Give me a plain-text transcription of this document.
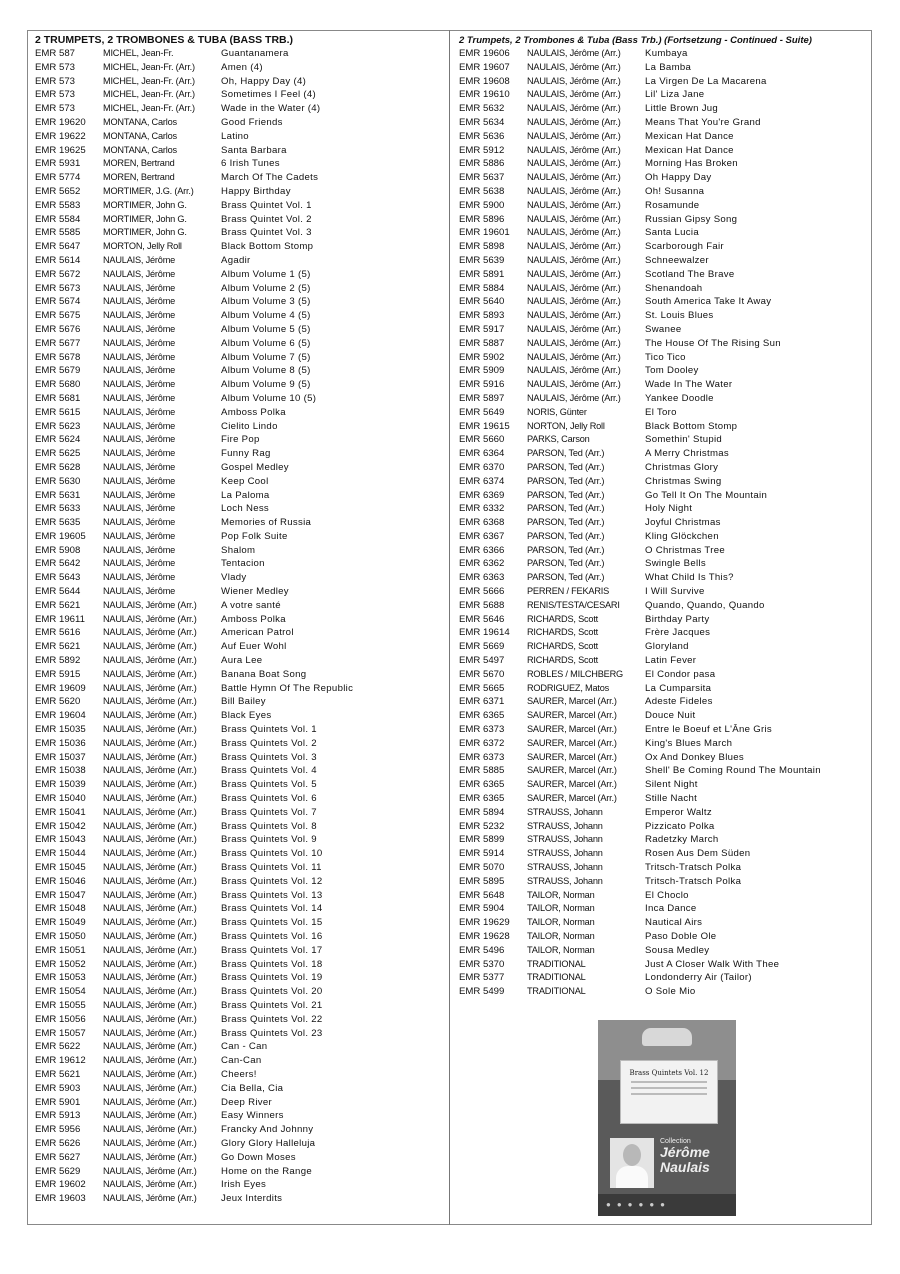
2 TRUMPETS, 2 TROMBONES & TUBA (BASS TRB.)
EMR 587	MICHEL, Jean-Fr.	Guantanamera
EMR 573	MICHEL, Jean-Fr. (Arr.)	Amen (4)
EMR 573	MICHEL, Jean-Fr. (Arr.)	Oh, Happy Day (4)
EMR 573	MICHEL, Jean-Fr. (Arr.)	Sometimes I Feel (4)
EMR 573	MICHEL, Jean-Fr. (Arr.)	Wade in the Water (4)
EMR 19620	MONTANA, Carlos	Good Friends
EMR 19622	MONTANA, Carlos	Latino
EMR 19625	MONTANA, Carlos	Santa Barbara
EMR 5931	MOREN, Bertrand	6 Irish Tunes
EMR 5774	MOREN, Bertrand	March Of The Cadets
EMR 5652	MORTIMER, J.G. (Arr.)	Happy Birthday
EMR 5583	MORTIMER, John G.	Brass Quintet Vol. 1
EMR 5584	MORTIMER, John G.	Brass Quintet Vol. 2
EMR 5585	MORTIMER, John G.	Brass Quintet Vol. 3
EMR 5647	MORTON, Jelly Roll	Black Bottom Stomp
EMR 5614	NAULAIS, Jérôme	Agadir
EMR 5672	NAULAIS, Jérôme	Album Volume 1 (5)
EMR 5673	NAULAIS, Jérôme	Album Volume 2 (5)
EMR 5674	NAULAIS, Jérôme	Album Volume 3 (5)
EMR 5675	NAULAIS, Jérôme	Album Volume 4 (5)
EMR 5676	NAULAIS, Jérôme	Album Volume 5 (5)
EMR 5677	NAULAIS, Jérôme	Album Volume 6 (5)
EMR 5678	NAULAIS, Jérôme	Album Volume 7 (5)
EMR 5679	NAULAIS, Jérôme	Album Volume 8 (5)
EMR 5680	NAULAIS, Jérôme	Album Volume 9 (5)
EMR 5681	NAULAIS, Jérôme	Album Volume 10 (5)
EMR 5615	NAULAIS, Jérôme	Amboss Polka
EMR 5623	NAULAIS, Jérôme	Cielito Lindo
EMR 5624	NAULAIS, Jérôme	Fire Pop
EMR 5625	NAULAIS, Jérôme	Funny Rag
EMR 5628	NAULAIS, Jérôme	Gospel Medley
EMR 5630	NAULAIS, Jérôme	Keep Cool
EMR 5631	NAULAIS, Jérôme	La Paloma
EMR 5633	NAULAIS, Jérôme	Loch Ness
EMR 5635	NAULAIS, Jérôme	Memories of Russia
EMR 19605	NAULAIS, Jérôme	Pop Folk Suite
EMR 5908	NAULAIS, Jérôme	Shalom
EMR 5642	NAULAIS, Jérôme	Tentacion
EMR 5643	NAULAIS, Jérôme	Vlady
EMR 5644	NAULAIS, Jérôme	Wiener Medley
EMR 5621	NAULAIS, Jérôme (Arr.)	A votre santé
EMR 19611	NAULAIS, Jérôme (Arr.)	Amboss Polka
EMR 5616	NAULAIS, Jérôme (Arr.)	American Patrol
EMR 5621	NAULAIS, Jérôme (Arr.)	Auf Euer Wohl
EMR 5892	NAULAIS, Jérôme (Arr.)	Aura Lee
EMR 5915	NAULAIS, Jérôme (Arr.)	Banana Boat Song
EMR 19609	NAULAIS, Jérôme (Arr.)	Battle Hymn Of The Republic
EMR 5620	NAULAIS, Jérôme (Arr.)	Bill Bailey
EMR 19604	NAULAIS, Jérôme (Arr.)	Black Eyes
EMR 15035	NAULAIS, Jérôme (Arr.)	Brass Quintets Vol. 1
EMR 15036	NAULAIS, Jérôme (Arr.)	Brass Quintets Vol. 2
EMR 15037	NAULAIS, Jérôme (Arr.)	Brass Quintets Vol. 3
EMR 15038	NAULAIS, Jérôme (Arr.)	Brass Quintets Vol. 4
EMR 15039	NAULAIS, Jérôme (Arr.)	Brass Quintets Vol. 5
EMR 15040	NAULAIS, Jérôme (Arr.)	Brass Quintets Vol. 6
EMR 15041	NAULAIS, Jérôme (Arr.)	Brass Quintets Vol. 7
EMR 15042	NAULAIS, Jérôme (Arr.)	Brass Quintets Vol. 8
EMR 15043	NAULAIS, Jérôme (Arr.)	Brass Quintets Vol. 9
EMR 15044	NAULAIS, Jérôme (Arr.)	Brass Quintets Vol. 10
EMR 15045	NAULAIS, Jérôme (Arr.)	Brass Quintets Vol. 11
EMR 15046	NAULAIS, Jérôme (Arr.)	Brass Quintets Vol. 12
EMR 15047	NAULAIS, Jérôme (Arr.)	Brass Quintets Vol. 13
EMR 15048	NAULAIS, Jérôme (Arr.)	Brass Quintets Vol. 14
EMR 15049	NAULAIS, Jérôme (Arr.)	Brass Quintets Vol. 15
EMR 15050	NAULAIS, Jérôme (Arr.)	Brass Quintets Vol. 16
EMR 15051	NAULAIS, Jérôme (Arr.)	Brass Quintets Vol. 17
EMR 15052	NAULAIS, Jérôme (Arr.)	Brass Quintets Vol. 18
EMR 15053	NAULAIS, Jérôme (Arr.)	Brass Quintets Vol. 19
EMR 15054	NAULAIS, Jérôme (Arr.)	Brass Quintets Vol. 20
EMR 15055	NAULAIS, Jérôme (Arr.)	Brass Quintets Vol. 21
EMR 15056	NAULAIS, Jérôme (Arr.)	Brass Quintets Vol. 22
EMR 15057	NAULAIS, Jérôme (Arr.)	Brass Quintets Vol. 23
EMR 5622	NAULAIS, Jérôme (Arr.)	Can - Can
EMR 19612	NAULAIS, Jérôme (Arr.)	Can-Can
EMR 5621	NAULAIS, Jérôme (Arr.)	Cheers!
EMR 5903	NAULAIS, Jérôme (Arr.)	Cia Bella, Cia
EMR 5901	NAULAIS, Jérôme (Arr.)	Deep River
EMR 5913	NAULAIS, Jérôme (Arr.)	Easy Winners
EMR 5956	NAULAIS, Jérôme (Arr.)	Francky And Johnny
EMR 5626	NAULAIS, Jérôme (Arr.)	Glory Glory Halleluja
EMR 5627	NAULAIS, Jérôme (Arr.)	Go Down Moses
EMR 5629	NAULAIS, Jérôme (Arr.)	Home on the Range
EMR 19602	NAULAIS, Jérôme (Arr.)	Irish Eyes
EMR 19603	NAULAIS, Jérôme (Arr.)	Jeux Interdits
2 Trumpets, 2 Trombones & Tuba (Bass Trb.) (Fortsetzung - Continued - Suite)
EMR 19606	NAULAIS, Jérôme (Arr.)	Kumbaya
EMR 19607	NAULAIS, Jérôme (Arr.)	La Bamba
EMR 19608	NAULAIS, Jérôme (Arr.)	La Virgen De La Macarena
EMR 19610	NAULAIS, Jérôme (Arr.)	Lil' Liza Jane
EMR 5632	NAULAIS, Jérôme (Arr.)	Little Brown Jug
EMR 5634	NAULAIS, Jérôme (Arr.)	Means That You're Grand
EMR 5636	NAULAIS, Jérôme (Arr.)	Mexican Hat Dance
EMR 5912	NAULAIS, Jérôme (Arr.)	Mexican Hat Dance
EMR 5886	NAULAIS, Jérôme (Arr.)	Morning Has Broken
EMR 5637	NAULAIS, Jérôme (Arr.)	Oh Happy Day
EMR 5638	NAULAIS, Jérôme (Arr.)	Oh! Susanna
EMR 5900	NAULAIS, Jérôme (Arr.)	Rosamunde
EMR 5896	NAULAIS, Jérôme (Arr.)	Russian Gipsy Song
EMR 19601	NAULAIS, Jérôme (Arr.)	Santa Lucia
EMR 5898	NAULAIS, Jérôme (Arr.)	Scarborough Fair
EMR 5639	NAULAIS, Jérôme (Arr.)	Schneewalzer
EMR 5891	NAULAIS, Jérôme (Arr.)	Scotland The Brave
EMR 5884	NAULAIS, Jérôme (Arr.)	Shenandoah
EMR 5640	NAULAIS, Jérôme (Arr.)	South America Take It Away
EMR 5893	NAULAIS, Jérôme (Arr.)	St. Louis Blues
EMR 5917	NAULAIS, Jérôme (Arr.)	Swanee
EMR 5887	NAULAIS, Jérôme (Arr.)	The House Of The Rising Sun
EMR 5902	NAULAIS, Jérôme (Arr.)	Tico Tico
EMR 5909	NAULAIS, Jérôme (Arr.)	Tom Dooley
EMR 5916	NAULAIS, Jérôme (Arr.)	Wade In The Water
EMR 5897	NAULAIS, Jérôme (Arr.)	Yankee Doodle
EMR 5649	NORIS, Günter	El Toro
EMR 19615	NORTON, Jelly Roll	Black Bottom Stomp
EMR 5660	PARKS, Carson	Somethin' Stupid
EMR 6364	PARSON, Ted (Arr.)	A Merry Christmas
EMR 6370	PARSON, Ted (Arr.)	Christmas Glory
EMR 6374	PARSON, Ted (Arr.)	Christmas Swing
EMR 6369	PARSON, Ted (Arr.)	Go Tell It On The Mountain
EMR 6332	PARSON, Ted (Arr.)	Holy Night
EMR 6368	PARSON, Ted (Arr.)	Joyful Christmas
EMR 6367	PARSON, Ted (Arr.)	Kling Glöckchen
EMR 6366	PARSON, Ted (Arr.)	O Christmas Tree
EMR 6362	PARSON, Ted (Arr.)	Swingle Bells
EMR 6363	PARSON, Ted (Arr.)	What Child Is This?
EMR 5666	PERREN / FEKARIS	I Will Survive
EMR 5688	RENIS/TESTA/CESARI	Quando, Quando, Quando
EMR 5646	RICHARDS, Scott	Birthday Party
EMR 19614	RICHARDS, Scott	Frère Jacques
EMR 5669	RICHARDS, Scott	Gloryland
EMR 5497	RICHARDS, Scott	Latin Fever
EMR 5670	ROBLES / MILCHBERG	El Condor pasa
EMR 5665	RODRIGUEZ, Matos	La Cumparsita
EMR 6371	SAURER, Marcel (Arr.)	Adeste Fideles
EMR 6365	SAURER, Marcel (Arr.)	Douce Nuit
EMR 6373	SAURER, Marcel (Arr.)	Entre le Boeuf et L'Âne Gris
EMR 6372	SAURER, Marcel (Arr.)	King's Blues March
EMR 6373	SAURER, Marcel (Arr.)	Ox And Donkey Blues
EMR 5885	SAURER, Marcel (Arr.)	Shell' Be Coming Round The Mountain
EMR 6365	SAURER, Marcel (Arr.)	Silent Night
EMR 6365	SAURER, Marcel (Arr.)	Stille Nacht
EMR 5894	STRAUSS, Johann	Emperor Waltz
EMR 5232	STRAUSS, Johann	Pizzicato Polka
EMR 5899	STRAUSS, Johann	Radetzky March
EMR 5914	STRAUSS, Johann	Rosen Aus Dem Süden
EMR 5070	STRAUSS, Johann	Tritsch-Tratsch Polka
EMR 5895	STRAUSS, Johann	Tritsch-Tratsch Polka
EMR 5648	TAILOR, Norman	El Choclo
EMR 5904	TAILOR, Norman	Inca Dance
EMR 19629	TAILOR, Norman	Nautical Airs
EMR 19628	TAILOR, Norman	Paso Doble Ole
EMR 5496	TAILOR, Norman	Sousa Medley
EMR 5370	TRADITIONAL	Just A Closer Walk With Thee
EMR 5377	TRADITIONAL	Londonderry Air (Tailor)
EMR 5499	TRADITIONAL	O Sole Mio
Brass Quintets Vol. 12
Collection
Jérôme
Naulais
●●●●●●
